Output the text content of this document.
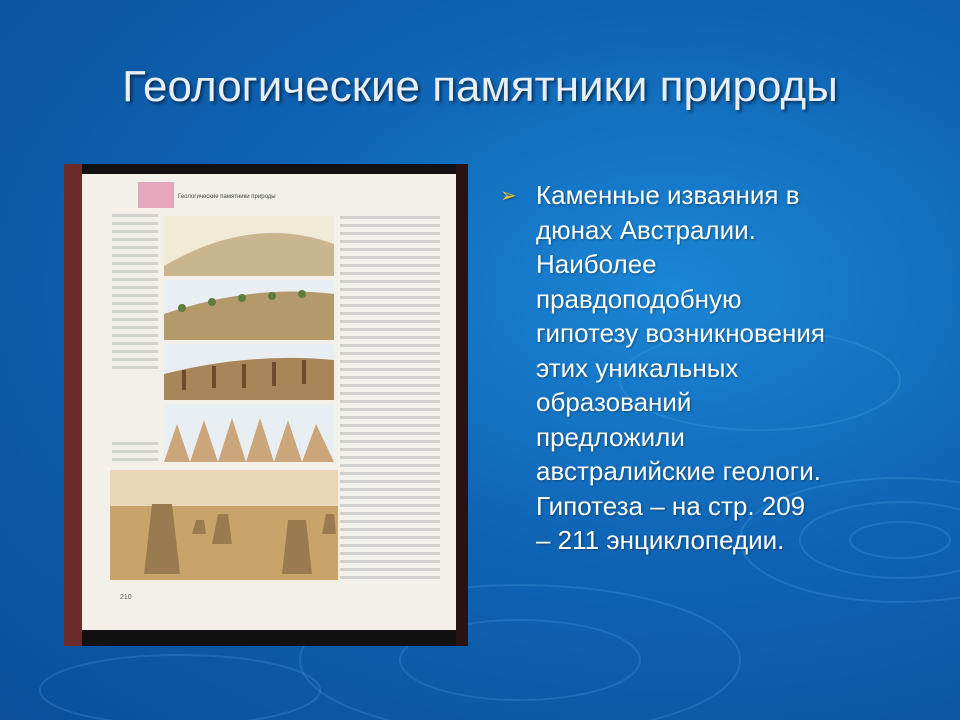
Геологические памятники природы
Геологические памятники природы
210
➢ Каменные изваяния в
дюнах Австралии.
Наиболее
правдоподобную
гипотезу возникновения
этих уникальных
образований
предложили
австралийские геологи.
Гипотеза – на стр. 209
– 211 энциклопедии.
